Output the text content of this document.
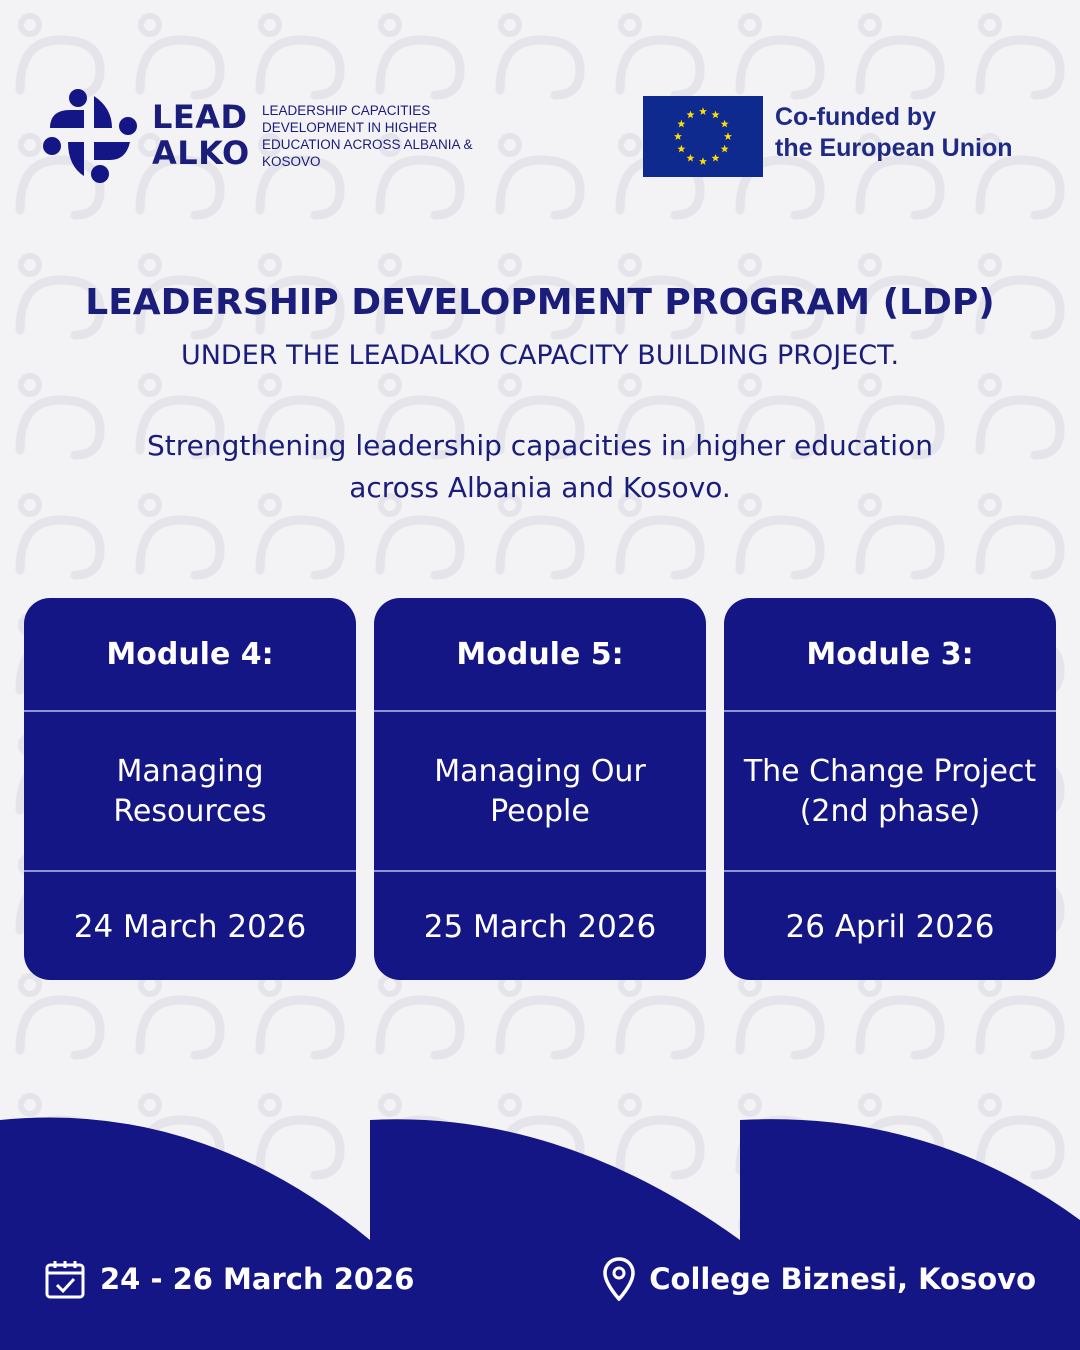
LEAD
ALKO
LEADERSHIP CAPACITIES DEVELOPMENT IN HIGHER EDUCATION ACROSS ALBANIA & KOSOVO
Co-funded by
the European Union
LEADERSHIP DEVELOPMENT PROGRAM (LDP)
UNDER THE LEADALKO CAPACITY BUILDING PROJECT.
Strengthening leadership capacities in higher education across Albania and Kosovo.
Module 4:
Managing Resources
24 March 2026
Module 5:
Managing Our People
25 March 2026
Module 3:
The Change Project (2nd phase)
26 April 2026
24 - 26 March 2026	College Biznesi, Kosovo
